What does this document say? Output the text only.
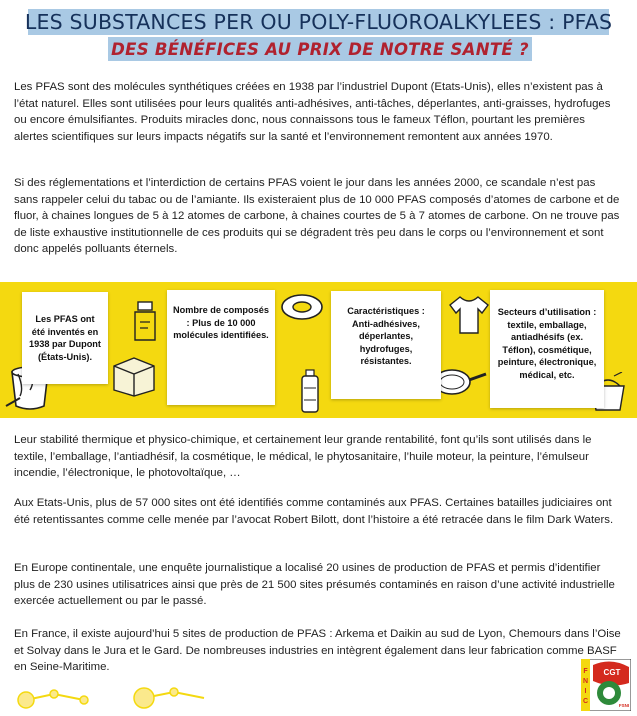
LES SUBSTANCES PER OU POLY-FLUOROALKYLEES : PFAS
DES BÉNÉFICES AU PRIX DE NOTRE SANTÉ ?

Les PFAS sont des molécules synthétiques créées en 1938 par l’industriel Dupont (Etats-Unis), elles n’existent pas à l’état naturel. Elles sont utilisées pour leurs qualités anti-adhésives, anti-tâches, déperlantes, anti-graisses, hydrofuges ou encore émulsifiantes. Produits miracles donc, nous connaissons tous le fameux Téflon, pourtant les premières alertes scientifiques sur leurs impacts négatifs sur la santé et l’environnement remontent aux années 1970.

Si des réglementations et l’interdiction de certains PFAS voient le jour dans les années 2000, ce scandale n’est pas sans rappeler celui du tabac ou de l’amiante. Ils existeraient plus de 10 000 PFAS composés d’atomes de carbone et de fluor, à chaines longues de 5 à 12 atomes de carbone, à chaines courtes de 5 à 7 atomes de carbone. On ne trouve pas de liste exhaustive institutionnelle de ces produits qui se dégradent très peu dans le corps ou l’environnement et sont donc appelés polluants éternels.

Les PFAS ont été inventés en 1938 par Dupont (États-Unis).
Nombre de composés : Plus de 10 000 molécules identifiées.
Caractéristiques : Anti-adhésives, déperlantes, hydrofuges, résistantes.
Secteurs d’utilisation : textile, emballage, antiadhésifs (ex. Téflon), cosmétique, peinture, électronique, médical, etc.

Leur stabilité thermique et physico-chimique, et certainement leur grande rentabilité, font qu’ils sont utilisés dans le textile, l’emballage, l’antiadhésif, la cosmétique, le médical, le phytosanitaire, l’huile moteur, la peinture, l’émulseur incendie, l’électronique, le photovoltaïque, …

Aux Etats-Unis, plus de 57 000 sites ont été identifiés comme contaminés aux PFAS. Certaines batailles judiciaires ont été retentissantes comme celle menée par l’avocat Robert Bilott, dont l’histoire a été retracée dans le film Dark Waters.

En Europe continentale, une enquête journalistique a localisé 20 usines de production de PFAS et permis d’identifier plus de 230 usines utilisatrices ainsi que près de 21 500 sites présumés contaminés en raison d’une activité industrielle exercée actuellement ou par le passé.

En France, il existe aujourd’hui 5 sites de production de PFAS : Arkema et Daikin au sud de Lyon, Chemours dans l’Oise et Solvay dans le Jura et le Gard. De nombreuses industries en intègrent également dans leur fabrication comme BASF en Seine-Maritime.	F
N
I
C
CGT
FSNI
